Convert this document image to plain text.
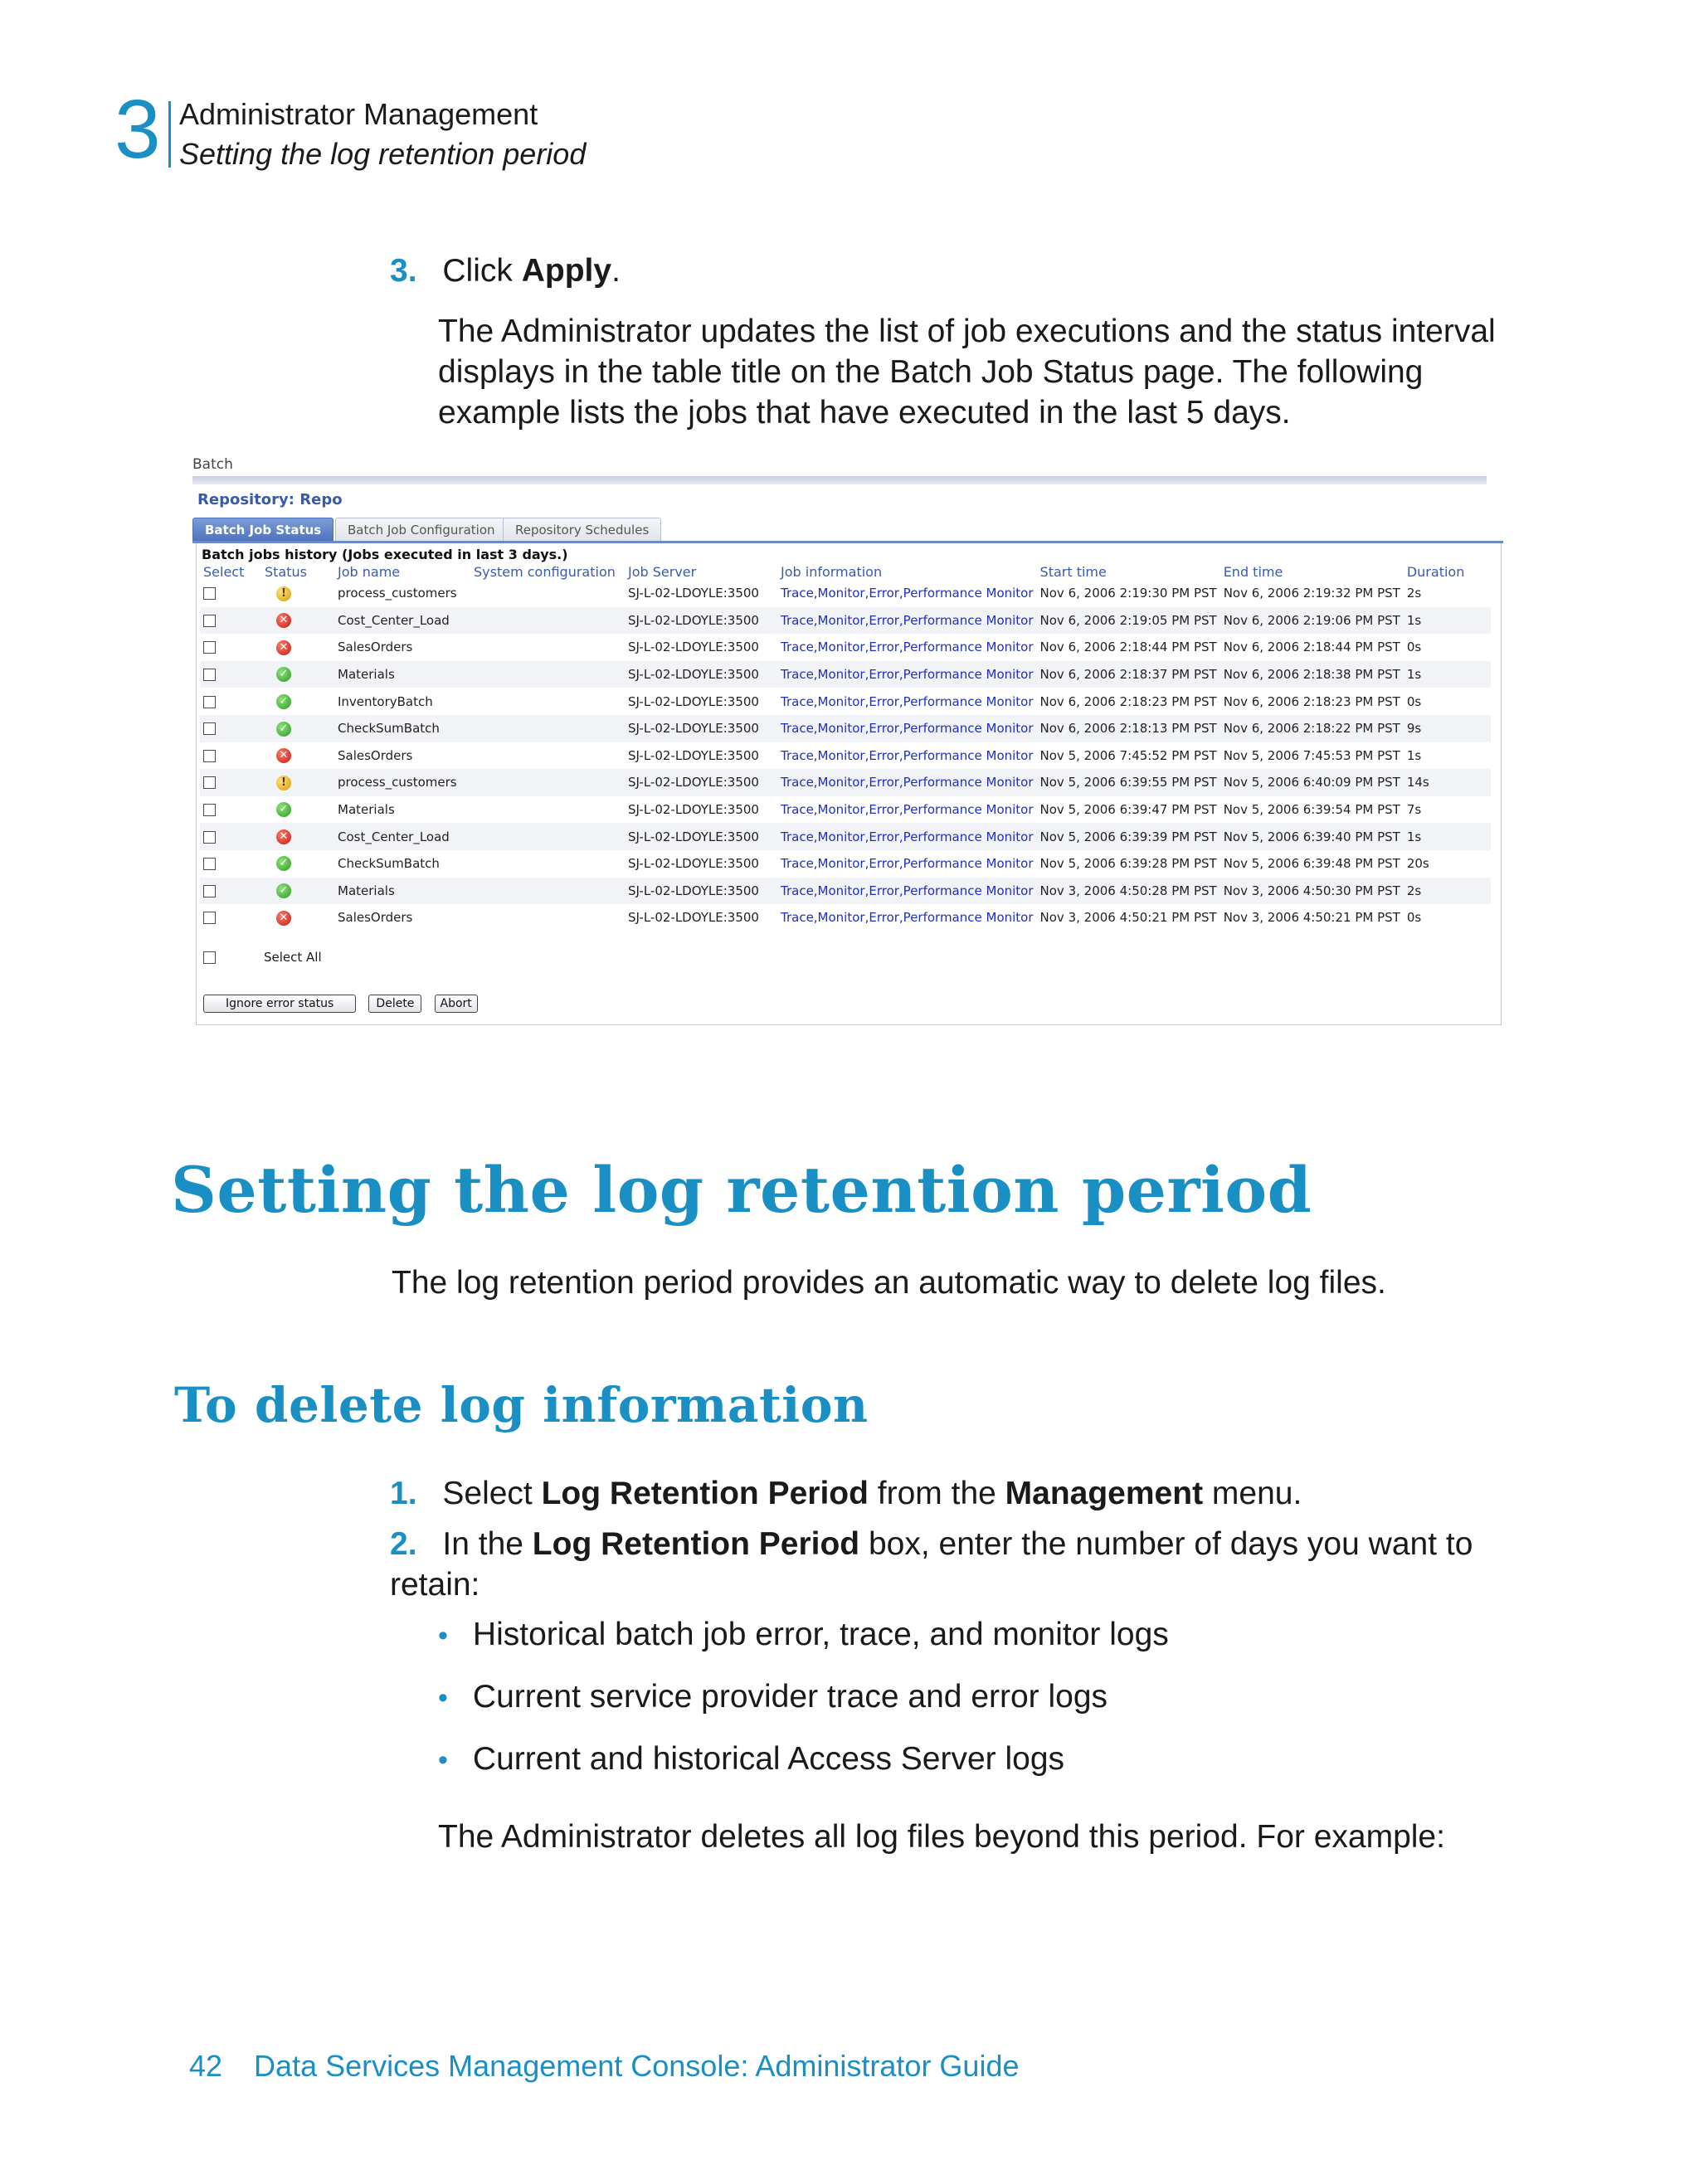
3 Administrator Management
Setting the log retention period
3. Click Apply.
The Administrator updates the list of job executions and the status interval displays in the table title on the Batch Job Status page. The following example lists the jobs that have executed in the last 5 days.
Batch
Repository: Repo
Batch Job Status	Batch Job Configuration	Repository Schedules
Batch jobs history (Jobs executed in last 3 days.)
Select	Status	Job name	System configuration	Job Server	Job information	Start time	End time	Duration
	!	process_customers		SJ-L-02-LDOYLE:3500	Trace,Monitor,Error,Performance Monitor	Nov 6, 2006 2:19:30 PM PST	Nov 6, 2006 2:19:32 PM PST	2s
	✕	Cost_Center_Load		SJ-L-02-LDOYLE:3500	Trace,Monitor,Error,Performance Monitor	Nov 6, 2006 2:19:05 PM PST	Nov 6, 2006 2:19:06 PM PST	1s
	✕	SalesOrders		SJ-L-02-LDOYLE:3500	Trace,Monitor,Error,Performance Monitor	Nov 6, 2006 2:18:44 PM PST	Nov 6, 2006 2:18:44 PM PST	0s
	✓	Materials		SJ-L-02-LDOYLE:3500	Trace,Monitor,Error,Performance Monitor	Nov 6, 2006 2:18:37 PM PST	Nov 6, 2006 2:18:38 PM PST	1s
	✓	InventoryBatch		SJ-L-02-LDOYLE:3500	Trace,Monitor,Error,Performance Monitor	Nov 6, 2006 2:18:23 PM PST	Nov 6, 2006 2:18:23 PM PST	0s
	✓	CheckSumBatch		SJ-L-02-LDOYLE:3500	Trace,Monitor,Error,Performance Monitor	Nov 6, 2006 2:18:13 PM PST	Nov 6, 2006 2:18:22 PM PST	9s
	✕	SalesOrders		SJ-L-02-LDOYLE:3500	Trace,Monitor,Error,Performance Monitor	Nov 5, 2006 7:45:52 PM PST	Nov 5, 2006 7:45:53 PM PST	1s
	!	process_customers		SJ-L-02-LDOYLE:3500	Trace,Monitor,Error,Performance Monitor	Nov 5, 2006 6:39:55 PM PST	Nov 5, 2006 6:40:09 PM PST	14s
	✓	Materials		SJ-L-02-LDOYLE:3500	Trace,Monitor,Error,Performance Monitor	Nov 5, 2006 6:39:47 PM PST	Nov 5, 2006 6:39:54 PM PST	7s
	✕	Cost_Center_Load		SJ-L-02-LDOYLE:3500	Trace,Monitor,Error,Performance Monitor	Nov 5, 2006 6:39:39 PM PST	Nov 5, 2006 6:39:40 PM PST	1s
	✓	CheckSumBatch		SJ-L-02-LDOYLE:3500	Trace,Monitor,Error,Performance Monitor	Nov 5, 2006 6:39:28 PM PST	Nov 5, 2006 6:39:48 PM PST	20s
	✓	Materials		SJ-L-02-LDOYLE:3500	Trace,Monitor,Error,Performance Monitor	Nov 3, 2006 4:50:28 PM PST	Nov 3, 2006 4:50:30 PM PST	2s
	✕	SalesOrders		SJ-L-02-LDOYLE:3500	Trace,Monitor,Error,Performance Monitor	Nov 3, 2006 4:50:21 PM PST	Nov 3, 2006 4:50:21 PM PST	0s
Select All
Ignore error status	Delete Abort
Setting the log retention period
The log retention period provides an automatic way to delete log files.
To delete log information
1. Select Log Retention Period from the Management menu.
2. In the Log Retention Period box, enter the number of days you want to retain:
• Historical batch job error, trace, and monitor logs
• Current service provider trace and error logs
• Current and historical Access Server logs
The Administrator deletes all log files beyond this period. For example:
42 Data Services Management Console: Administrator Guide
